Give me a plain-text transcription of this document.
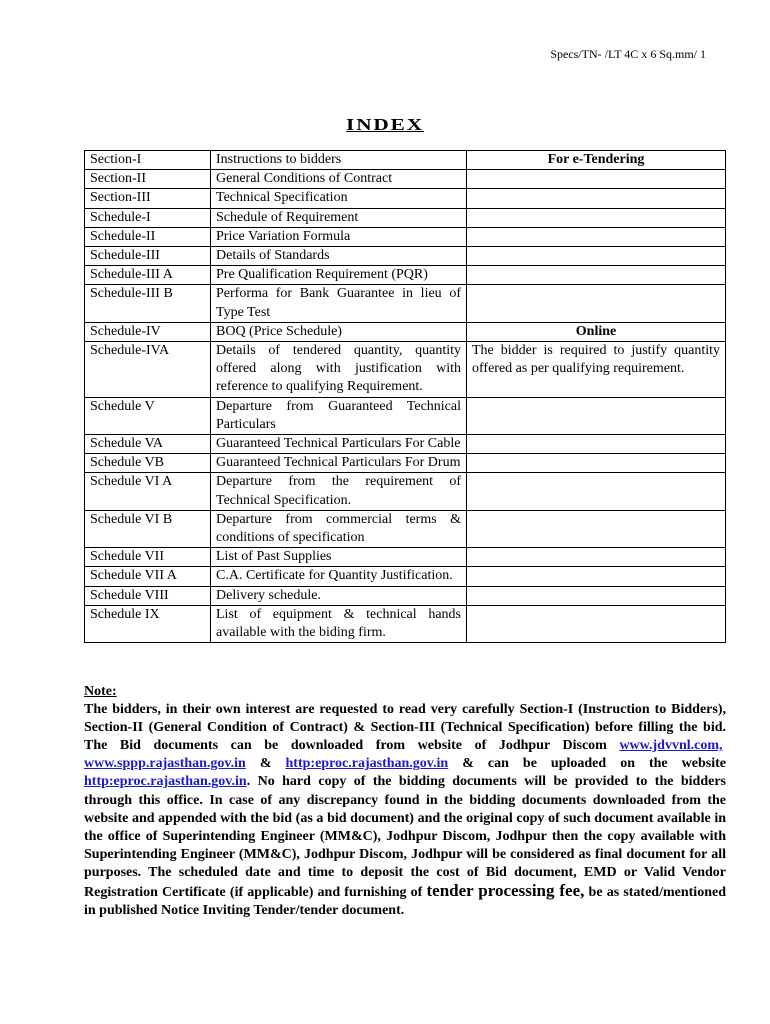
Specs/TN- /LT 4C x 6 Sq.mm/ 1
INDEX
Section-I	Instructions to bidders	For e-Tendering
Section-II	General Conditions of Contract	
Section-III	Technical Specification	
Schedule-I	Schedule of Requirement	
Schedule-II	Price Variation Formula	
Schedule-III	Details of Standards	
Schedule-III A	Pre Qualification Requirement (PQR)	
Schedule-III B	Performa for Bank Guarantee in lieu of Type Test	
Schedule-IV	BOQ (Price Schedule)	Online
Schedule-IVA	Details of tendered quantity, quantity offered along with justification with reference to qualifying Requirement.	The bidder is required to justify quantity offered as per qualifying requirement.
Schedule V	Departure from Guaranteed Technical Particulars	
Schedule VA	Guaranteed Technical Particulars For Cable	
Schedule VB	Guaranteed Technical Particulars For Drum	
Schedule VI A	Departure from the requirement of Technical Specification.	
Schedule VI B	Departure from commercial terms & conditions of specification	
Schedule VII	List of Past Supplies	
Schedule VII A	C.A. Certificate for Quantity Justification.	
Schedule VIII	Delivery schedule.	
Schedule IX	List of equipment & technical hands available with the biding firm.	
Note:
The bidders, in their own interest are requested to read very carefully Section-I (Instruction to Bidders), Section-II (General Condition of Contract) & Section-III (Technical Specification) before filling the bid. The Bid documents can be downloaded from website of Jodhpur Discom www.jdvvnl.com,  www.sppp.rajasthan.gov.in & http:eproc.rajasthan.gov.in & can be uploaded on the website http:eproc.rajasthan.gov.in. No hard copy of the bidding documents will be provided to the bidders through this office. In case of any discrepancy found in the bidding documents downloaded from the website and appended with the bid (as a bid document) and the original copy of such document available in the office of Superintending Engineer (MM&C), Jodhpur Discom, Jodhpur then the copy available with Superintending Engineer (MM&C), Jodhpur Discom, Jodhpur will be considered as final document for all purposes. The scheduled date and time to deposit the cost of Bid document, EMD or Valid Vendor Registration Certificate (if applicable) and furnishing of tender processing fee, be as stated/mentioned in published Notice Inviting Tender/tender document.
